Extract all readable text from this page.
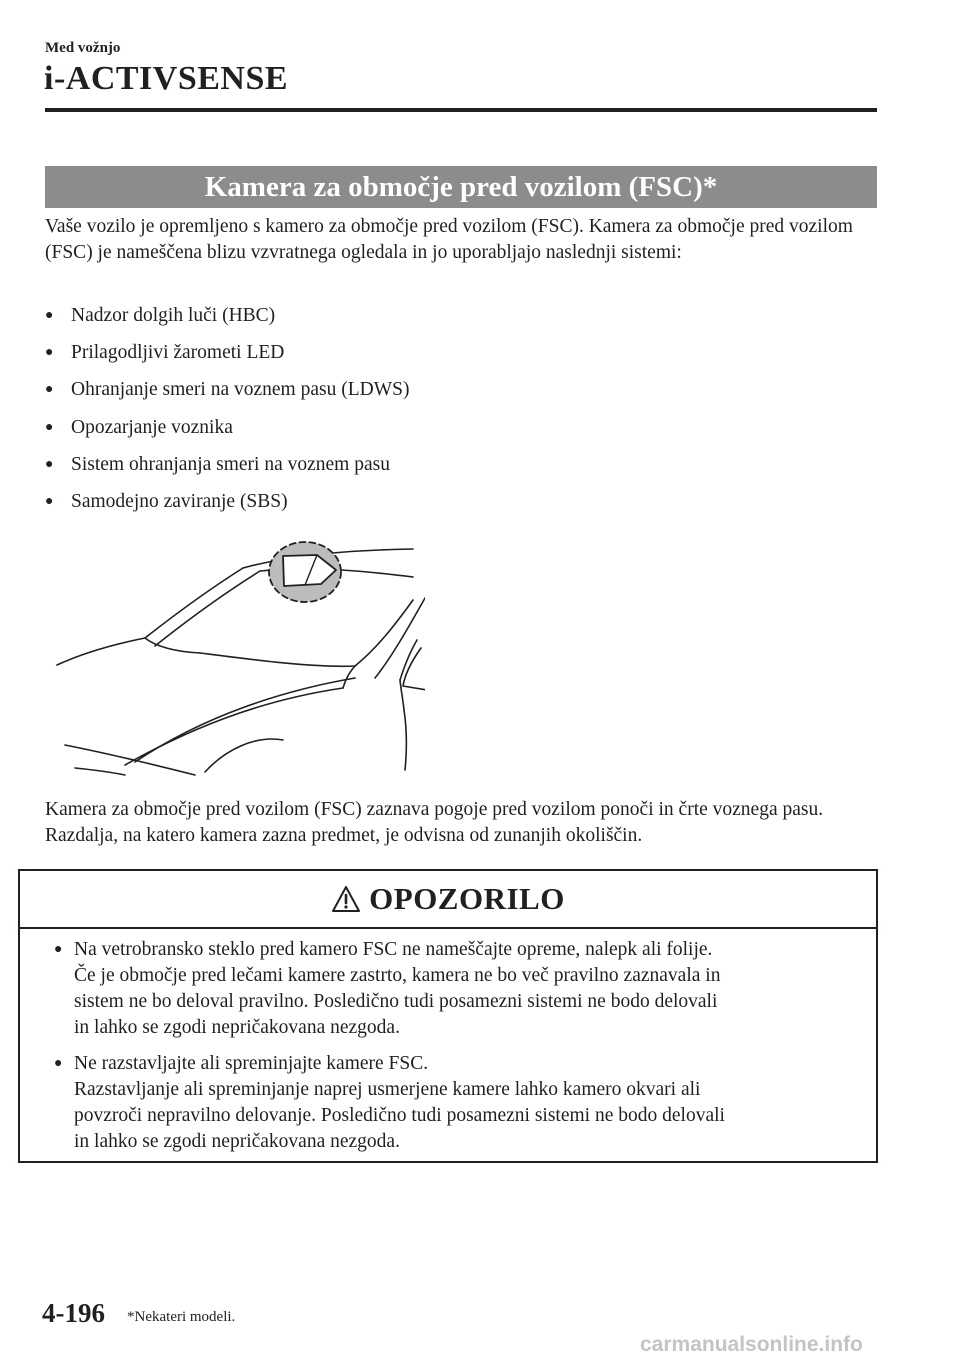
Med vožnjo
i-ACTIVSENSE
Kamera za območje pred vozilom (FSC)*
Vaše vozilo je opremljeno s kamero za območje pred vozilom (FSC). Kamera za območje pred vozilom (FSC) je nameščena blizu vzvratnega ogledala in jo uporabljajo naslednji sistemi:
● Nadzor dolgih luči (HBC)
● Prilagodljivi žarometi LED
● Ohranjanje smeri na voznem pasu (LDWS)
● Opozarjanje voznika
● Sistem ohranjanja smeri na voznem pasu
● Samodejno zaviranje (SBS)
Kamera za območje pred vozilom (FSC) zaznava pogoje pred vozilom ponoči in črte voznega pasu. Razdalja, na katero kamera zazna predmet, je odvisna od zunanjih okoliščin.
OPOZORILO
● Na vetrobransko steklo pred kamero FSC ne nameščajte opreme, nalepk ali folije.
Če je območje pred lečami kamere zastrto, kamera ne bo več pravilno zaznavala in
sistem ne bo deloval pravilno. Posledično tudi posamezni sistemi ne bodo delovali
in lahko se zgodi nepričakovana nezgoda.
● Ne razstavljajte ali spreminjajte kamere FSC.
Razstavljanje ali spreminjanje naprej usmerjene kamere lahko kamero okvari ali
povzroči nepravilno delovanje. Posledično tudi posamezni sistemi ne bodo delovali
in lahko se zgodi nepričakovana nezgoda.
4-196 *Nekateri modeli.
carmanualsonline.info
